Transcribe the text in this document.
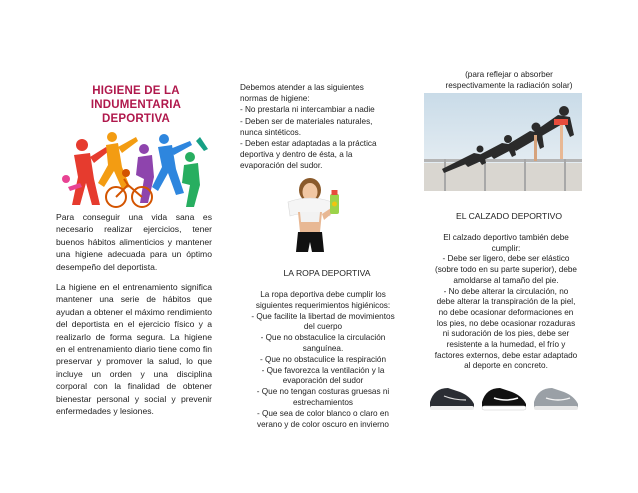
HIGIENE DE LA
INDUMENTARIA
DEPORTIVA

Para conseguir una vida sana es necesario realizar ejercicios, tener buenos hábitos alimenticios y mantener una higiene adecuada para un óptimo desempeño del deportista.

La higiene en el entrenamiento significa mantener una serie de hábitos que ayudan a obtener el máximo rendimiento del deportista en el ejercicio físico y a realizarlo de forma segura. La higiene en el entrenamiento diario tiene como fin preservar y promover la salud, lo que incluye un orden y una disciplina corporal con la finalidad de obtener bienestar personal y social y prevenir enfermedades y lesiones.

Debemos atender a las siguientes
normas de higiene:
- No prestarla ni intercambiar a nadie
- Deben ser de materiales naturales,
nunca sintéticos.
- Deben estar adaptadas a la práctica
deportiva y dentro de ésta, a la
evaporación del sudor.
LA ROPA DEPORTIVA
La ropa deportiva debe cumplir los
siguientes requerimientos higiénicos:
- Que facilite la libertad de movimientos
del cuerpo
- Que no obstaculice la circulación
sanguínea.
- Que no obstaculice la respiración
- Que favorezca la ventilación y la
evaporación del sudor
- Que no tengan costuras gruesas ni
estrechamientos
- Que sea de color blanco o claro en
verano y de color oscuro en invierno
(para reflejar o absorber
respectivamente la radiación solar)
EL CALZADO DEPORTIVO
El calzado deportivo también debe
cumplir:
- Debe ser ligero, debe ser elástico
(sobre todo en su parte superior), debe
amoldarse al tamaño del pie.
- No debe alterar la circulación, no
debe alterar la transpiración de la piel,
no debe ocasionar deformaciones en
los pies, no debe ocasionar rozaduras
ni sudoración de los pies, debe ser
resistente a la humedad, el frío y
factores externos, debe estar adaptado
al deporte en concreto.
